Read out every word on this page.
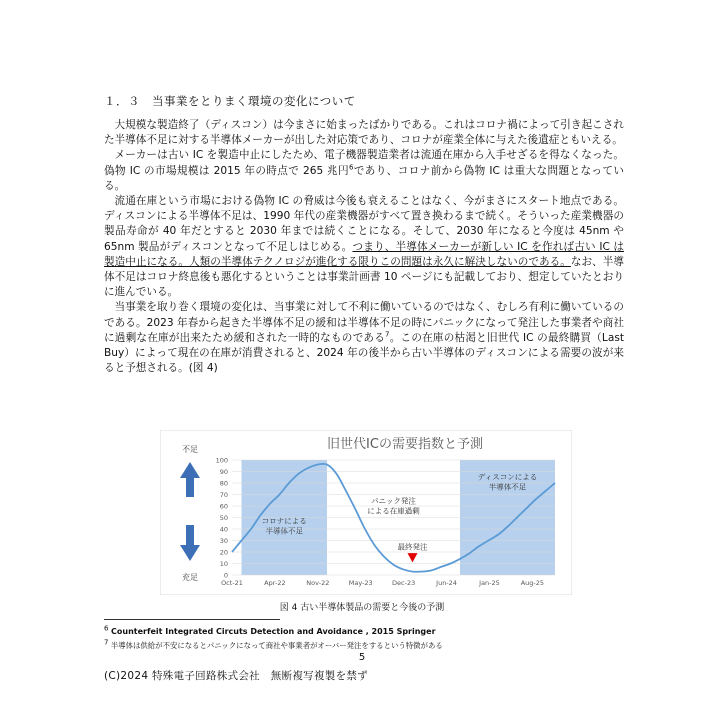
１．３　当事業をとりまく環境の変化について

大規模な製造終了（ディスコン）は今まさに始まったばかりである。これはコロナ禍によって引き起こされた半導体不足に対する半導体メーカーが出した対応策であり、コロナが産業全体に与えた後遺症ともいえる。

メーカーは古い IC を製造中止にしたため、電子機器製造業者は流通在庫から入手せざるを得なくなった。偽物 IC の市場規模は 2015 年の時点で 265 兆円$^6$であり、コロナ前から偽物 IC は重大な問題となっている。

流通在庫という市場における偽物 IC の脅威は今後も衰えることはなく、今がまさにスタート地点である。ディスコンによる半導体不足は、1990 年代の産業機器がすべて置き換わるまで続く。そういった産業機器の製品寿命が 40 年だとすると 2030 年までは続くことになる。そして、2030 年になると今度は 45nm や 65nm 製品がディスコンとなって不足しはじめる。つまり、半導体メーカーが新しい IC を作れば古い IC は製造中止になる。人類の半導体テクノロジが進化する限りこの問題は永久に解決しないのである。なお、半導体不足はコロナ終息後も悪化するということは事業計画書 10 ページにも記載しており、想定していたとおりに進んでいる。

当事業を取り巻く環境の変化は、当事業に対して不利に働いているのではなく、むしろ有利に働いているのである。2023 年春から起きた半導体不足の緩和は半導体不足の時にパニックになって発注した事業者や商社に過剰な在庫が出来たため緩和された一時的なものである$^7$。この在庫の枯渇と旧世代 IC の最終購買（Last Buy）によって現在の在庫が消費されると、2024 年の後半から古い半導体のディスコンによる需要の波が来ると予想される。(図 4)

旧世代ICの需要指数と予測
コロナによる
半導体不足
ディスコンによる
半導体不足
0
10
20
30
40
50
60
70
80
90
100
Oct-21	Apr-22	Nov-22	May-23	Dec-23	Jun-24	Jan-25	Aug-25
パニック発注
による在庫過剰
最終発注
不足
充足
図 4 古い半導体製品の需要と今後の予測
6 Counterfeit Integrated Circuts Detection and Avoidance , 2015 Springer
7 半導体は供給が不安になるとパニックになって商社や事業者がオーバー発注をするという特徴がある
5
(C)2024 特殊電子回路株式会社　無断複写複製を禁ず
